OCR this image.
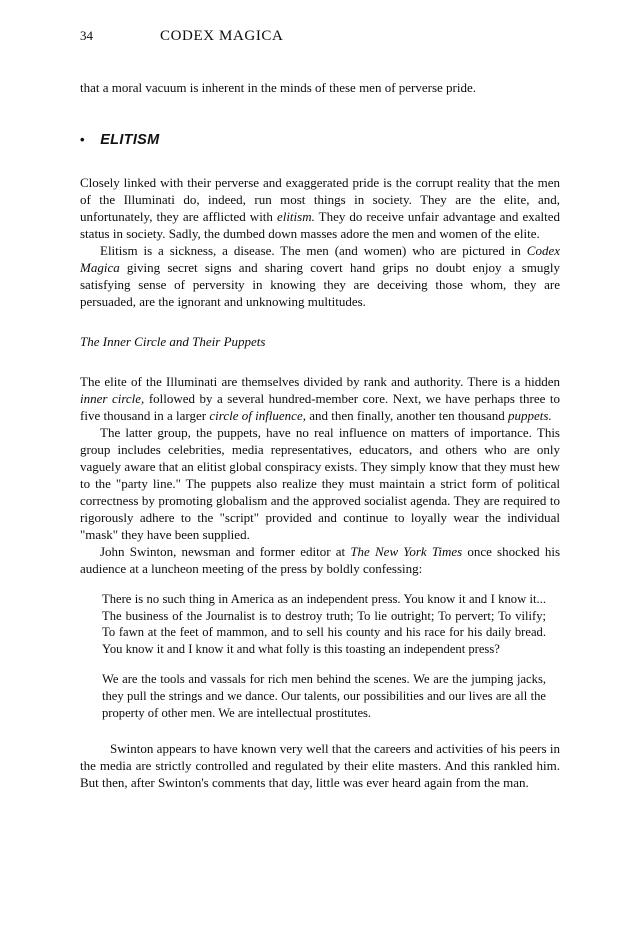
34	CODEX MAGICA

that a moral vacuum is inherent in the minds of these men of perverse pride.

• ELITISM

Closely linked with their perverse and exaggerated pride is the corrupt reality that the men of the Illuminati do, indeed, run most things in society. They are the elite, and, unfortunately, they are afflicted with elitism. They do receive unfair advantage and exalted status in society. Sadly, the dumbed down masses adore the men and women of the elite.

Elitism is a sickness, a disease. The men (and women) who are pictured in Codex Magica giving secret signs and sharing covert hand grips no doubt enjoy a smugly satisfying sense of perversity in knowing they are deceiving those whom, they are persuaded, are the ignorant and unknowing multitudes.

The Inner Circle and Their Puppets

The elite of the Illuminati are themselves divided by rank and authority. There is a hidden inner circle, followed by a several hundred-member core. Next, we have perhaps three to five thousand in a larger circle of influence, and then finally, another ten thousand puppets.

The latter group, the puppets, have no real influence on matters of importance. This group includes celebrities, media representatives, educators, and others who are only vaguely aware that an elitist global conspiracy exists. They simply know that they must hew to the "party line." The puppets also realize they must maintain a strict form of political correctness by promoting globalism and the approved socialist agenda. They are required to rigorously adhere to the "script" provided and continue to loyally wear the individual "mask" they have been supplied.

John Swinton, newsman and former editor at The New York Times once shocked his audience at a luncheon meeting of the press by boldly confessing:

There is no such thing in America as an independent press. You know it and I know it... The business of the Journalist is to destroy truth; To lie outright; To pervert; To vilify; To fawn at the feet of mammon, and to sell his county and his race for his daily bread. You know it and I know it and what folly is this toasting an independent press?

We are the tools and vassals for rich men behind the scenes. We are the jumping jacks, they pull the strings and we dance. Our talents, our possibilities and our lives are all the property of other men. We are intellectual prostitutes.

Swinton appears to have known very well that the careers and activities of his peers in the media are strictly controlled and regulated by their elite masters. And this rankled him. But then, after Swinton's comments that day, little was ever heard again from the man.
